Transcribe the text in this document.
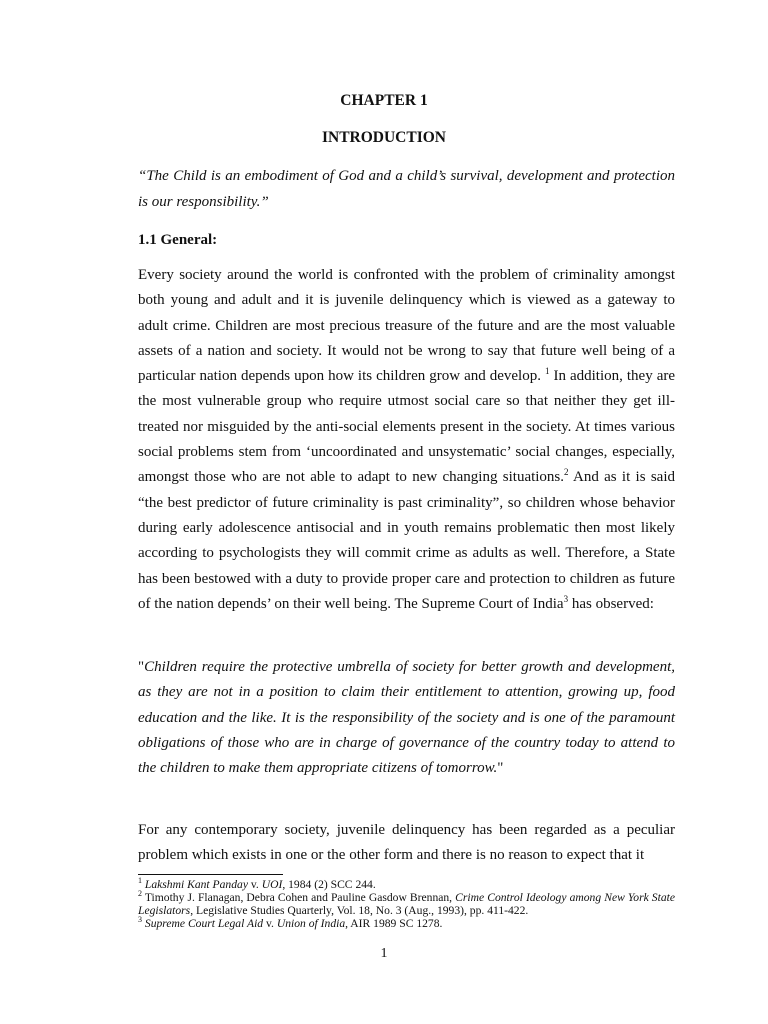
CHAPTER 1
INTRODUCTION
“The Child is an embodiment of God and a child’s survival, development and protection is our responsibility.”
1.1 General:
Every society around the world is confronted with the problem of criminality amongst both young and adult and it is juvenile delinquency which is viewed as a gateway to adult crime. Children are most precious treasure of the future and are the most valuable assets of a nation and society. It would not be wrong to say that future well being of a particular nation depends upon how its children grow and develop. $^1$ In addition, they are the most vulnerable group who require utmost social care so that neither they get ill-treated nor misguided by the anti-social elements present in the society. At times various social problems stem from ‘uncoordinated and unsystematic’ social changes, especially, amongst those who are not able to adapt to new changing situations.$^2$ And as it is said “the best predictor of future criminality is past criminality”, so children whose behavior during early adolescence antisocial and in youth remains problematic then most likely according to psychologists they will commit crime as adults as well. Therefore, a State has been bestowed with a duty to provide proper care and protection to children as future of the nation depends’ on their well being. The Supreme Court of India$^3$ has observed:
"Children require the protective umbrella of society for better growth and development, as they are not in a position to claim their entitlement to attention, growing up, food education and the like. It is the responsibility of the society and is one of the paramount obligations of those who are in charge of governance of the country today to attend to the children to make them appropriate citizens of tomorrow."
For any contemporary society, juvenile delinquency has been regarded as a peculiar problem which exists in one or the other form and there is no reason to expect that it

$^1$ Lakshmi Kant Panday v. UOI, 1984 (2) SCC 244.

$^2$ Timothy J. Flanagan, Debra Cohen and Pauline Gasdow Brennan, Crime Control Ideology among New York State Legislators, Legislative Studies Quarterly, Vol. 18, No. 3 (Aug., 1993), pp. 411-422.

$^3$ Supreme Court Legal Aid v. Union of India, AIR 1989 SC 1278.

1
